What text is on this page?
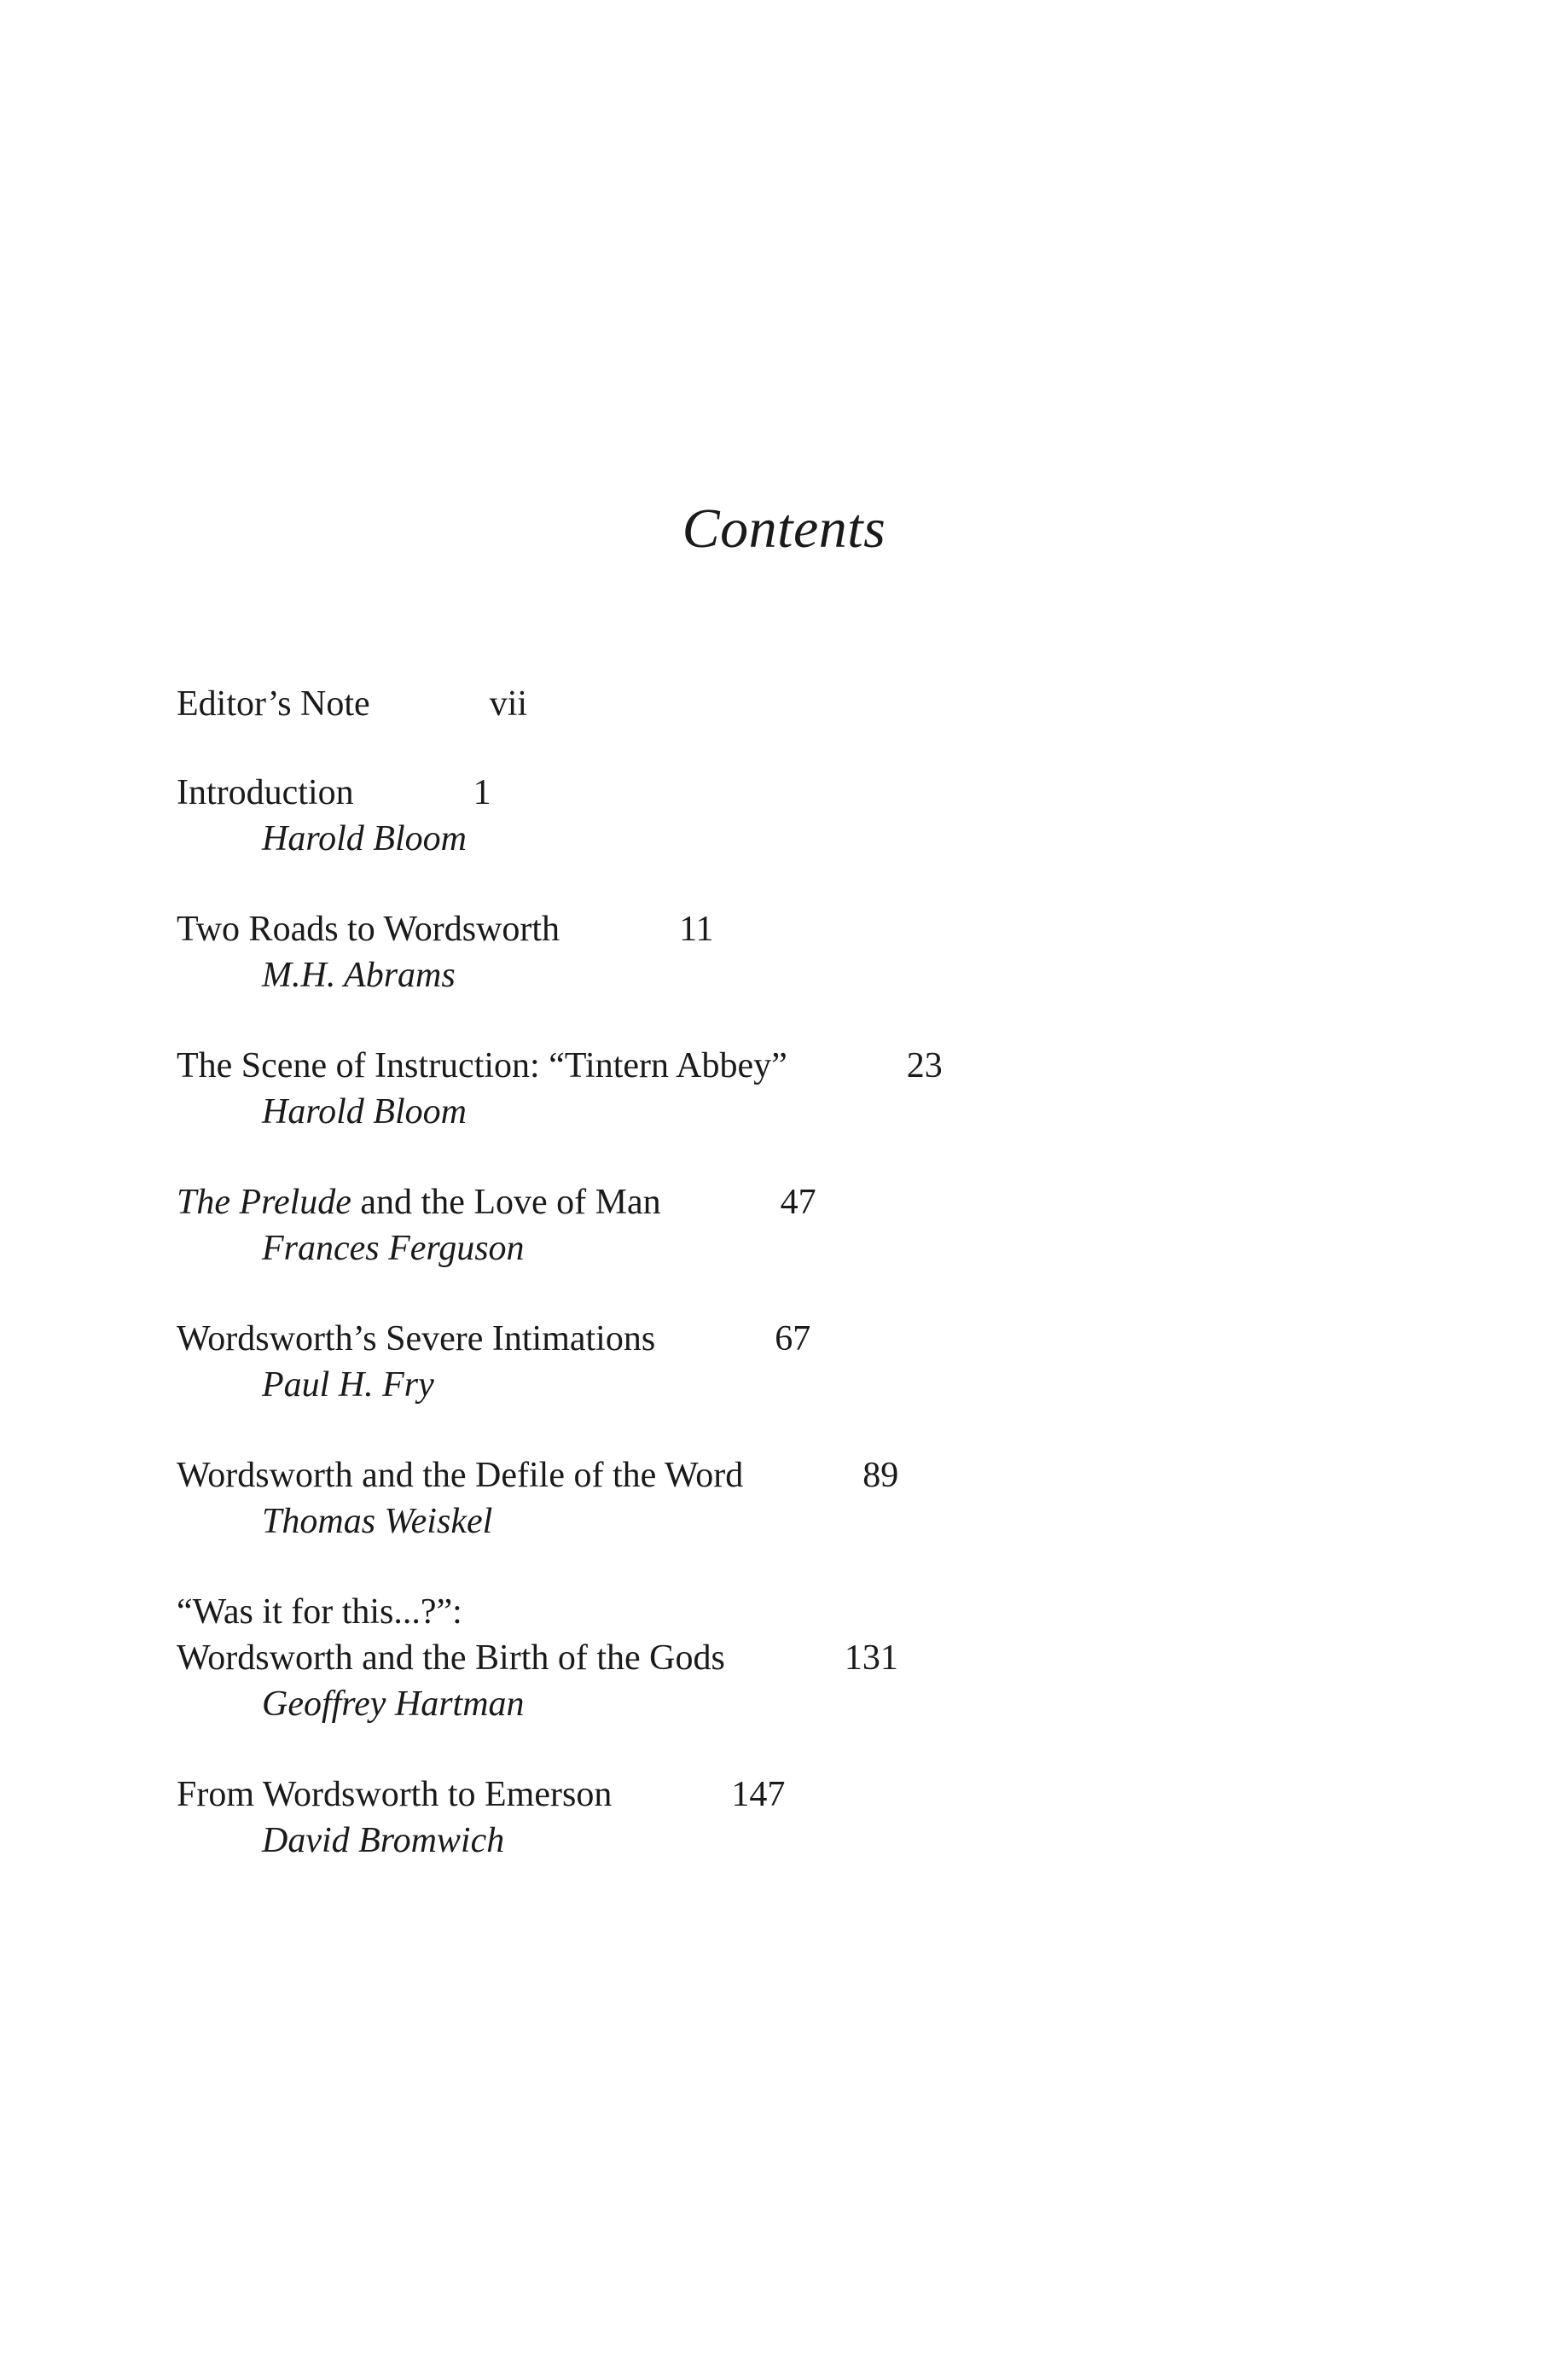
Contents
Editor’s Note	vii
Introduction	1
Harold Bloom
Two Roads to Wordsworth	11
M.H. Abrams
The Scene of Instruction: “Tintern Abbey”	23
Harold Bloom
The Prelude and the Love of Man	47
Frances Ferguson
Wordsworth’s Severe Intimations	67
Paul H. Fry
Wordsworth and the Defile of the Word	89
Thomas Weiskel
“Was it for this...?”:
Wordsworth and the Birth of the Gods	131
Geoffrey Hartman
From Wordsworth to Emerson	147
David Bromwich
